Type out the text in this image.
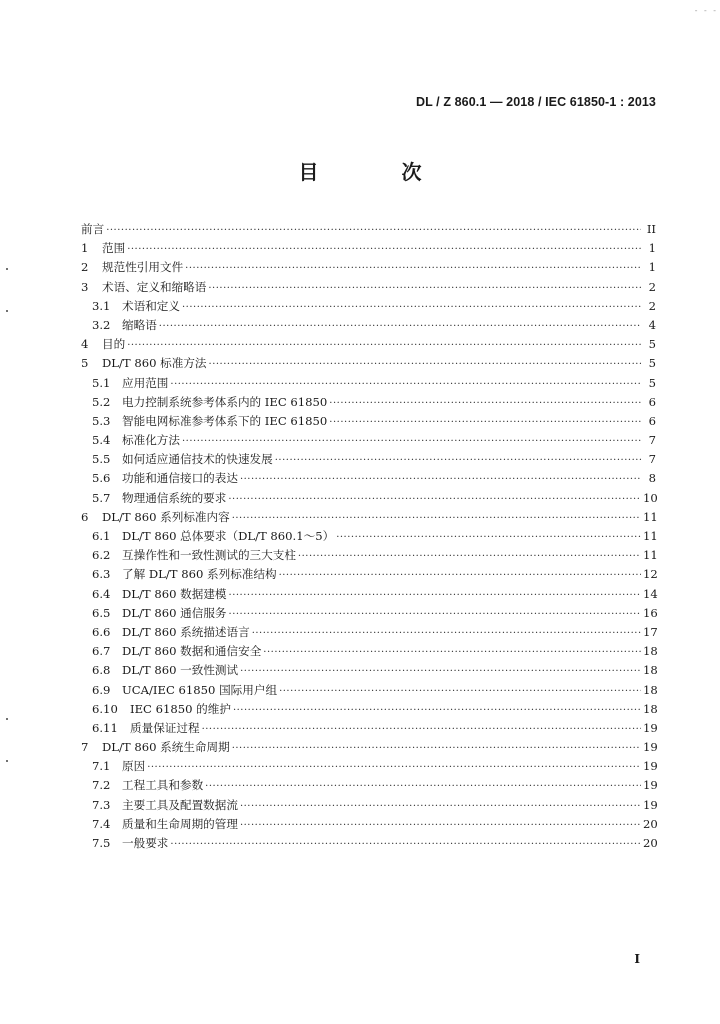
- - -
DL / Z 860.1 — 2018 / IEC 61850-1 : 2013
目 次
前言 ·····	II
1	范围 ·····	1
2	规范性引用文件 ·····	1
3	术语、定义和缩略语 ·····	2
3.1 术语和定义 ·····	2
3.2 缩略语 ·····	4
4	目的 ·····	5
5	DL/T 860 标准方法 ·····	5
5.1 应用范围 ·····	5
5.2 电力控制系统参考体系内的 IEC 61850 ·····	6
5.3 智能电网标准参考体系下的 IEC 61850 ·····	6
5.4 标准化方法 ·····	7
5.5 如何适应通信技术的快速发展 ·····	7
5.6 功能和通信接口的表达 ·····	8
5.7 物理通信系统的要求 ·····	10
6	DL/T 860 系列标准内容 ·····	11
6.1 DL/T 860 总体要求（DL/T 860.1～5） ·····	11
6.2 互操作性和一致性测试的三大支柱 ·····	11
6.3 了解 DL/T 860 系列标准结构 ·····	12
6.4 DL/T 860 数据建模 ·····	14
6.5 DL/T 860 通信服务 ·····	16
6.6 DL/T 860 系统描述语言 ·····	17
6.7 DL/T 860 数据和通信安全 ·····	18
6.8 DL/T 860 一致性测试 ·····	18
6.9 UCA/IEC 61850 国际用户组 ·····	18
6.10	IEC 61850 的维护 ·····	18
6.11	质量保证过程 ·····	19
7	DL/T 860 系统生命周期 ·····	19
7.1 原因 ·····	19
7.2 工程工具和参数 ·····	19
7.3 主要工具及配置数据流 ·····	19
7.4 质量和生命周期的管理 ·····	20
7.5 一般要求 ·····	20
I
